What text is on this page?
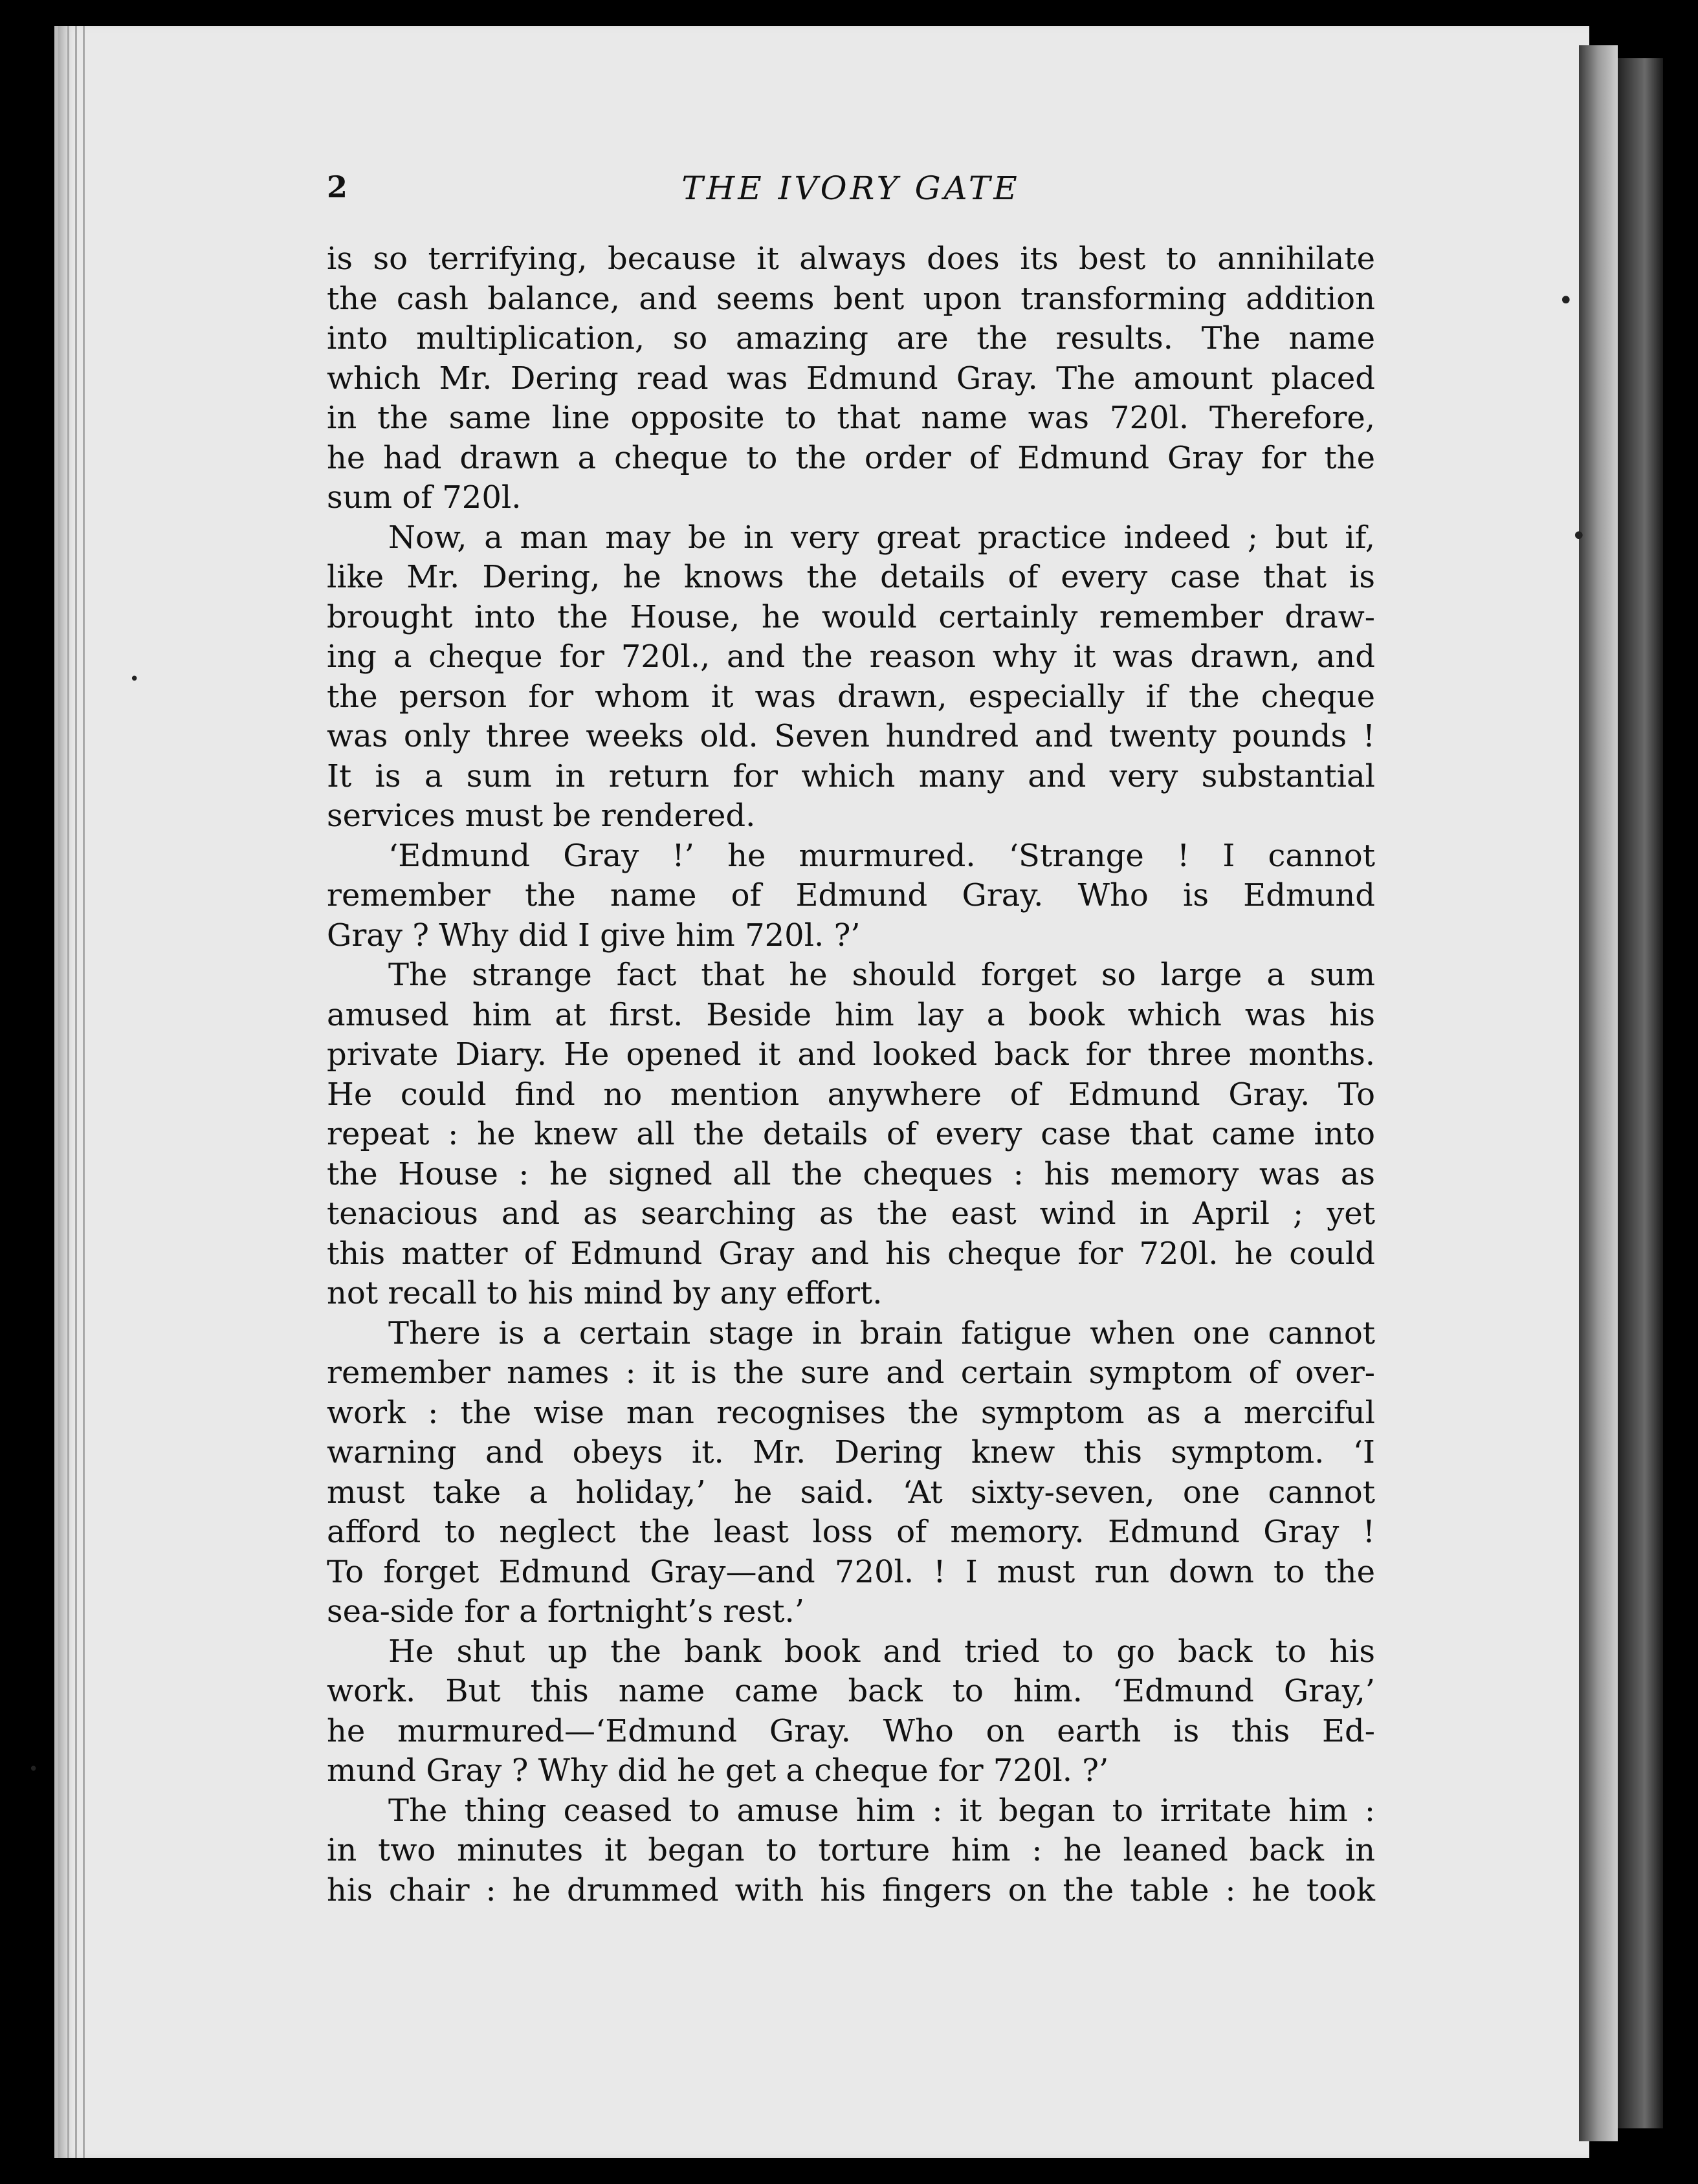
2	THE IVORY GATE
is so terrifying, because it always does its best to annihilate
the cash balance, and seems bent upon transforming addition
into multiplication, so amazing are the results. The name
which Mr. Dering read was Edmund Gray. The amount placed
in the same line opposite to that name was 720l. Therefore,
he had drawn a cheque to the order of Edmund Gray for the
sum of 720l.
Now, a man may be in very great practice indeed ; but if,
like Mr. Dering, he knows the details of every case that is
brought into the House, he would certainly remember draw-
ing a cheque for 720l., and the reason why it was drawn, and
the person for whom it was drawn, especially if the cheque
was only three weeks old. Seven hundred and twenty pounds !
It is a sum in return for which many and very substantial
services must be rendered.
‘Edmund Gray !’ he murmured. ‘Strange ! I cannot
remember the name of Edmund Gray. Who is Edmund
Gray ? Why did I give him 720l. ?’
The strange fact that he should forget so large a sum
amused him at first. Beside him lay a book which was his
private Diary. He opened it and looked back for three months.
He could find no mention anywhere of Edmund Gray. To
repeat : he knew all the details of every case that came into
the House : he signed all the cheques : his memory was as
tenacious and as searching as the east wind in April ; yet
this matter of Edmund Gray and his cheque for 720l. he could
not recall to his mind by any effort.
There is a certain stage in brain fatigue when one cannot
remember names : it is the sure and certain symptom of over-
work : the wise man recognises the symptom as a merciful
warning and obeys it. Mr. Dering knew this symptom. ‘I
must take a holiday,’ he said. ‘At sixty-seven, one cannot
afford to neglect the least loss of memory. Edmund Gray !
To forget Edmund Gray—and 720l. ! I must run down to the
sea-side for a fortnight’s rest.’
He shut up the bank book and tried to go back to his
work. But this name came back to him. ‘Edmund Gray,’
he murmured—‘Edmund Gray. Who on earth is this Ed-
mund Gray ? Why did he get a cheque for 720l. ?’
The thing ceased to amuse him : it began to irritate him :
in two minutes it began to torture him : he leaned back in
his chair : he drummed with his fingers on the table : he took
•
•
•
•
